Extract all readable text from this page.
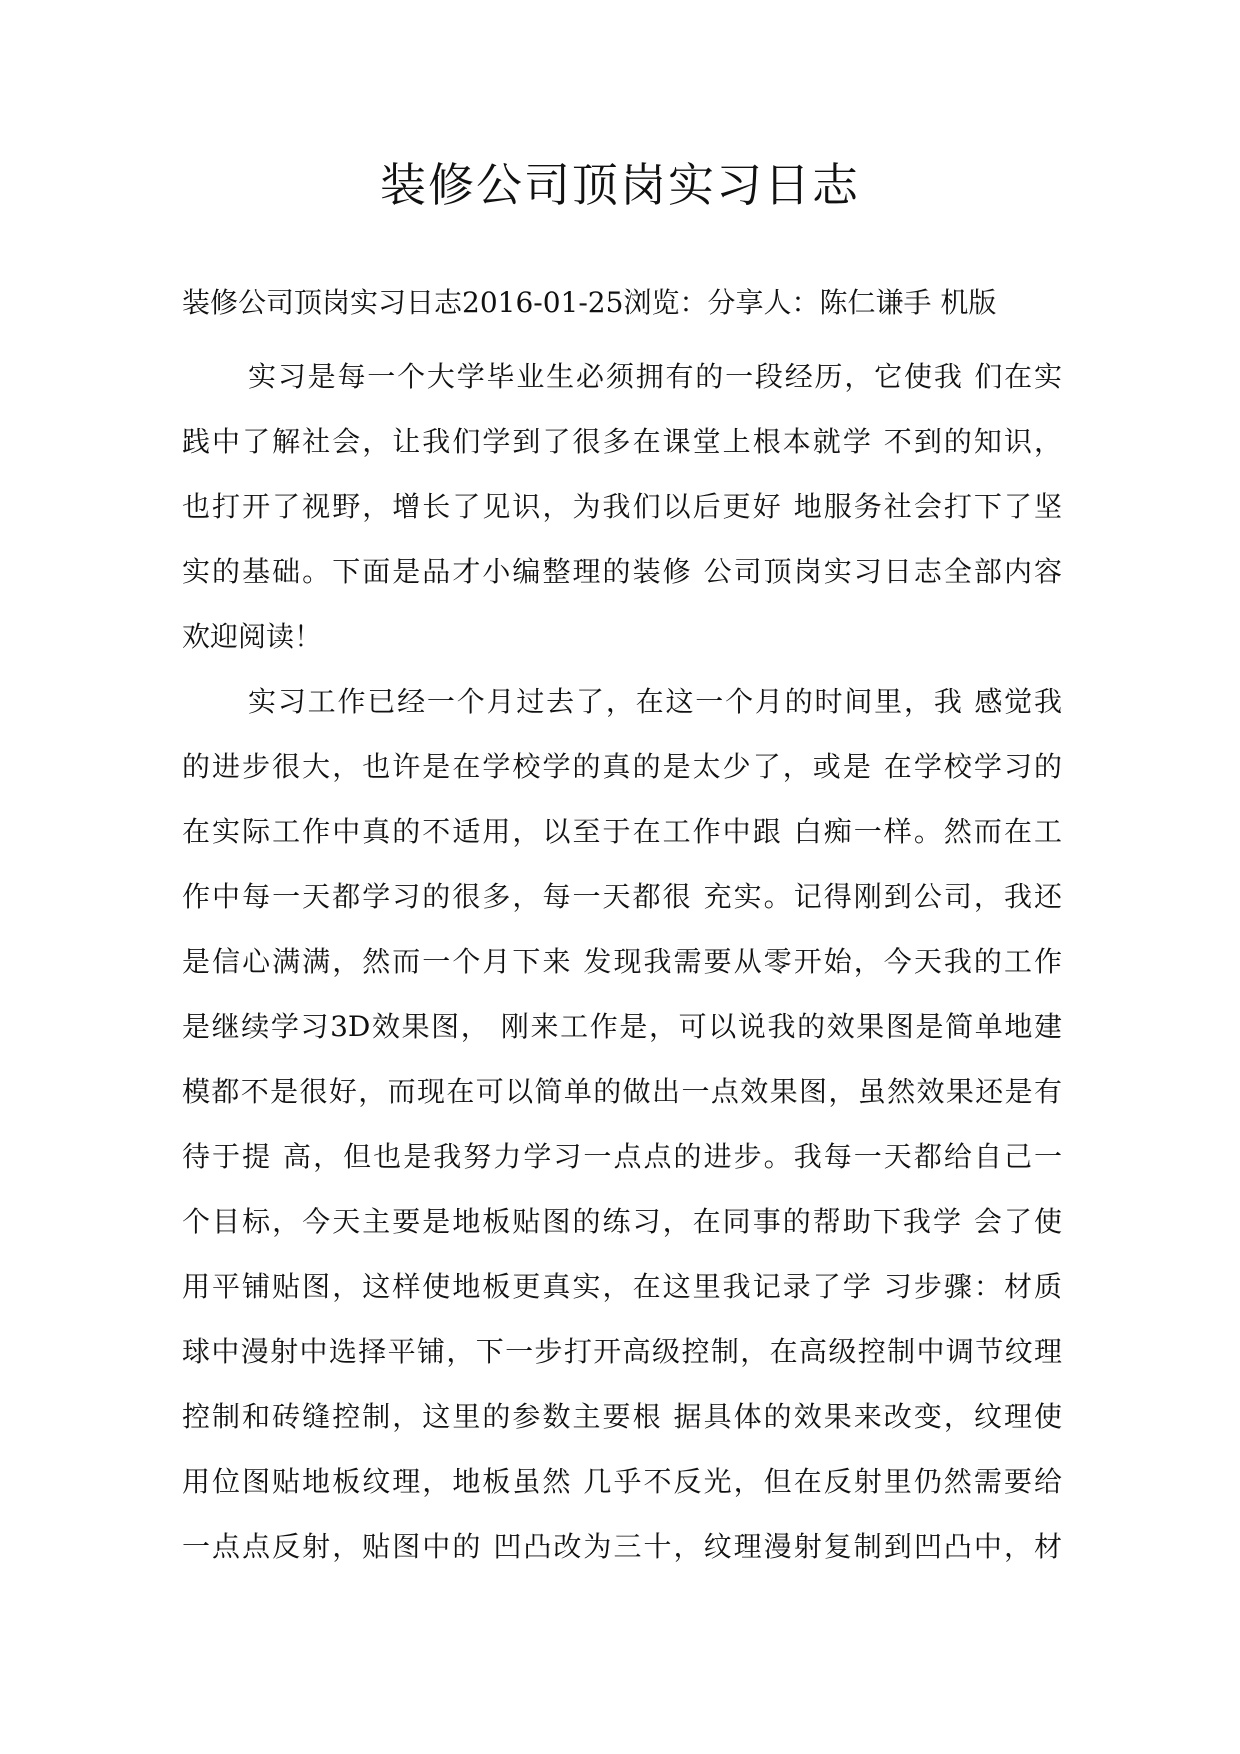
装修公司顶岗实习日志

装修公司顶岗实习日志2016-01-25浏览：分享人：陈仁谦手 机版

实习是每一个大学毕业生必须拥有的一段经历，它使我 们在实
践中了解社会，让我们学到了很多在课堂上根本就学 不到的知识，
也打开了视野，增长了见识，为我们以后更好 地服务社会打下了坚
实的基础。下面是品才小编整理的装修 公司顶岗实习日志全部内容
欢迎阅读！
实习工作已经一个月过去了，在这一个月的时间里，我 感觉我
的进步很大，也许是在学校学的真的是太少了，或是 在学校学习的
在实际工作中真的不适用，以至于在工作中跟 白痴一样。然而在工
作中每一天都学习的很多，每一天都很 充实。记得刚到公司，我还
是信心满满，然而一个月下来 发现我需要从零开始，今天我的工作
是继续学习3D效果图， 刚来工作是，可以说我的效果图是简单地建
模都不是很好，而现在可以简单的做出一点效果图，虽然效果还是有
待于提 高，但也是我努力学习一点点的进步。我每一天都给自己一
个目标，今天主要是地板贴图的练习，在同事的帮助下我学 会了使
用平铺贴图，这样使地板更真实，在这里我记录了学 习步骤：材质
球中漫射中选择平铺，下一步打开高级控制，在高级控制中调节纹理
控制和砖缝控制，这里的参数主要根 据具体的效果来改变，纹理使
用位图贴地板纹理，地板虽然 几乎不反光，但在反射里仍然需要给
一点点反射，贴图中的 凹凸改为三十，纹理漫射复制到凹凸中，材
